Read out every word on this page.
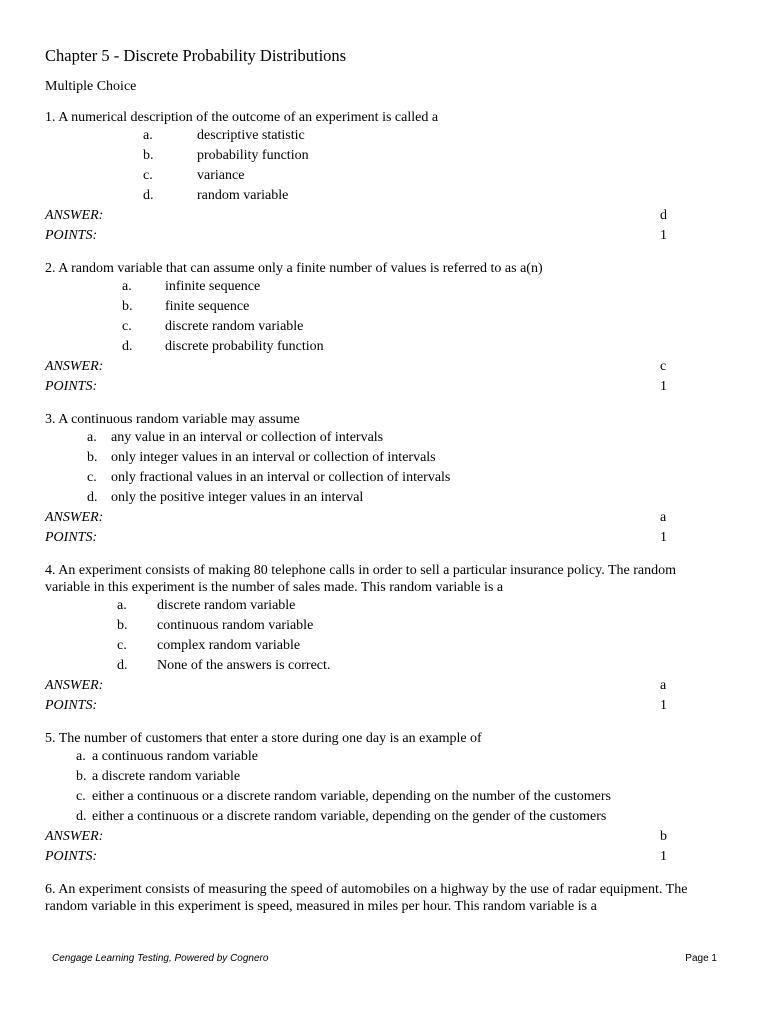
Chapter 5 - Discrete Probability Distributions
Multiple Choice

1. A numerical description of the outcome of an experiment is called a

a.	descriptive statistic
b.	probability function
c.	variance
d.	random variable
ANSWER:	d
POINTS:	1

2. A random variable that can assume only a finite number of values is referred to as a(n)

a.	infinite sequence
b.	finite sequence
c.	discrete random variable
d.	discrete probability function
ANSWER:	c
POINTS:	1

3. A continuous random variable may assume

a.	any value in an interval or collection of intervals
b. only integer values in an interval or collection of intervals
c.	only fractional values in an interval or collection of intervals
d. only the positive integer values in an interval
ANSWER:	a
POINTS:	1

4. An experiment consists of making 80 telephone calls in order to sell a particular insurance policy. The random variable in this experiment is the number of sales made. This random variable is a

a.	discrete random variable
b.	continuous random variable
c.	complex random variable
d.	None of the answers is correct.
ANSWER:	a
POINTS:	1

5. The number of customers that enter a store during one day is an example of

a. a continuous random variable
b. a discrete random variable
c. either a continuous or a discrete random variable, depending on the number of the customers
d. either a continuous or a discrete random variable, depending on the gender of the customers
ANSWER:	b
POINTS:	1

6. An experiment consists of measuring the speed of automobiles on a highway by the use of radar equipment. The random variable in this experiment is speed, measured in miles per hour. This random variable is a

Cengage Learning Testing, Powered by Cognero	Page 1
